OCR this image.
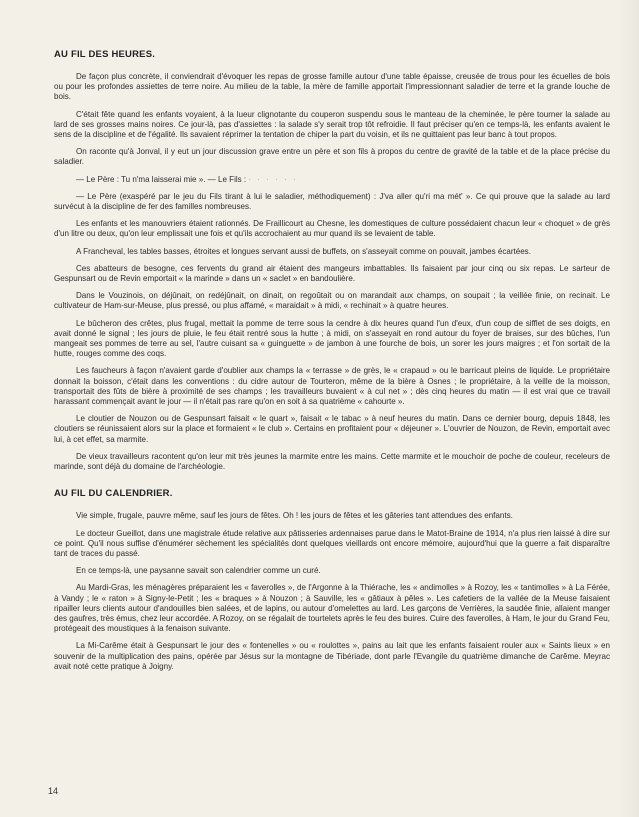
AU FIL DES HEURES.

De façon plus concrète, il conviendrait d'évoquer les repas de grosse famille autour d'une table épaisse, creusée de trous pour les écuelles de bois ou pour les profondes assiettes de terre noire. Au milieu de la table, la mère de famille apportait l'impressionnant saladier de terre et la grande louche de bois.

C'était fête quand les enfants voyaient, à la lueur clignotante du couperon suspendu sous le manteau de la cheminée, le père tourner la salade au lard de ses grosses mains noires. Ce jour-là, pas d'assiettes : la salade s'y serait trop tôt refroidie. Il faut préciser qu'en ce temps-là, les enfants avaient le sens de la discipline et de l'égalité. Ils savaient réprimer la tentation de chiper la part du voisin, et ils ne quittaient pas leur banc à tout propos.

On raconte qu'à Jonval, il y eut un jour discussion grave entre un père et son fils à propos du centre de gravité de la table et de la place précise du saladier.

— Le Père : Tu n'ma laisserai mie ». — Le Fils : · · · · · ·

— Le Père (exaspéré par le jeu du Fils tirant à lui le saladier, méthodiquement) : J'va aller qu'ri ma mét' ». Ce qui prouve que la salade au lard survécut à la discipline de fer des familles nombreuses.

Les enfants et les manouvriers étaient rationnés. De Fraillicourt au Chesne, les domestiques de culture possédaient chacun leur « choquet » de grès d'un litre ou deux, qu'on leur emplissait une fois et qu'ils accrochaient au mur quand ils se levaient de table.

A Francheval, les tables basses, étroites et longues servant aussi de buffets, on s'asseyait comme on pouvait, jambes écartées.

Ces abatteurs de besogne, ces fervents du grand air étaient des mangeurs imbattables. Ils faisaient par jour cinq ou six repas. Le sarteur de Gespunsart ou de Revin emportait « la marinde » dans un « saclet » en bandoulière.

Dans le Vouzinois, on déjûnait, on redéjûnait, on dinait, on regoûtait ou on marandait aux champs, on soupait ; la veillée finie, on recinait. Le cultivateur de Ham-sur-Meuse, plus pressé, ou plus affamé, « maraidait » à midi, « rechinait » à quatre heures.

Le bûcheron des crêtes, plus frugal, mettait la pomme de terre sous la cendre à dix heures quand l'un d'eux, d'un coup de sifflet de ses doigts, en avait donné le signal ; les jours de pluie, le feu était rentré sous la hutte ; à midi, on s'asseyait en rond autour du foyer de braises, sur des bûches, l'un mangeait ses pommes de terre au sel, l'autre cuisant sa « guinguette » de jambon à une fourche de bois, un sorer les jours maigres ; et l'on sortait de la hutte, rouges comme des coqs.

Les faucheurs à façon n'avaient garde d'oublier aux champs la « terrasse » de grès, le « crapaud » ou le barricaut pleins de liquide. Le propriétaire donnait la boisson, c'était dans les conventions : du cidre autour de Tourteron, même de la bière à Osnes ; le propriétaire, à la veille de la moisson, transportait des fûts de bière à proximité de ses champs ; les travailleurs buvaient « à cul net » ; dès cinq heures du matin — il est vrai que ce travail harassant commençait avant le jour — il n'était pas rare qu'on en soit à sa quatrième « cahourte ».

Le cloutier de Nouzon ou de Gespunsart faisait « le quart », faisait « le tabac » à neuf heures du matin. Dans ce dernier bourg, depuis 1848, les cloutiers se réunissaient alors sur la place et formaient « le club ». Certains en profitaient pour « déjeuner ». L'ouvrier de Nouzon, de Revin, emportait avec lui, à cet effet, sa marmite.

De vieux travailleurs racontent qu'on leur mit très jeunes la marmite entre les mains. Cette marmite et le mouchoir de poche de couleur, receleurs de marinde, sont déjà du domaine de l'archéologie.

AU FIL DU CALENDRIER.

Vie simple, frugale, pauvre même, sauf les jours de fêtes. Oh ! les jours de fêtes et les gâteries tant attendues des enfants.

Le docteur Gueillot, dans une magistrale étude relative aux pâtisseries ardennaises parue dans le Matot-Braine de 1914, n'a plus rien laissé à dire sur ce point. Qu'il nous suffise d'énumérer sèchement les spécialités dont quelques vieillards ont encore mémoire, aujourd'hui que la guerre a fait disparaître tant de traces du passé.

En ce temps-là, une paysanne savait son calendrier comme un curé.

Au Mardi-Gras, les ménagères préparaient les « faverolles », de l'Argonne à la Thiérache, les « andimolles » à Rozoy, les « tantimolles » à La Férée, à Vandy ; le « raton » à Signy-le-Petit ; les « braques » à Nouzon ; à Sauville, les « gâtiaux à pêles ». Les cafetiers de la vallée de la Meuse faisaient ripailler leurs clients autour d'andouilles bien salées, et de lapins, ou autour d'omelettes au lard. Les garçons de Verrières, la saudée finie, allaient manger des gaufres, très émus, chez leur accordée. A Rozoy, on se régalait de tourtelets après le feu des buires. Cuire des faverolles, à Ham, le jour du Grand Feu, protégeait des moustiques à la fenaison suivante.

La Mi-Carême était à Gespunsart le jour des « fontenelles » ou « roulottes », pains au lait que les enfants faisaient rouler aux « Saints lieux » en souvenir de la multiplication des pains, opérée par Jésus sur la montagne de Tibériade, dont parle l'Evangile du quatrième dimanche de Carême. Meyrac avait noté cette pratique à Joigny.

14
